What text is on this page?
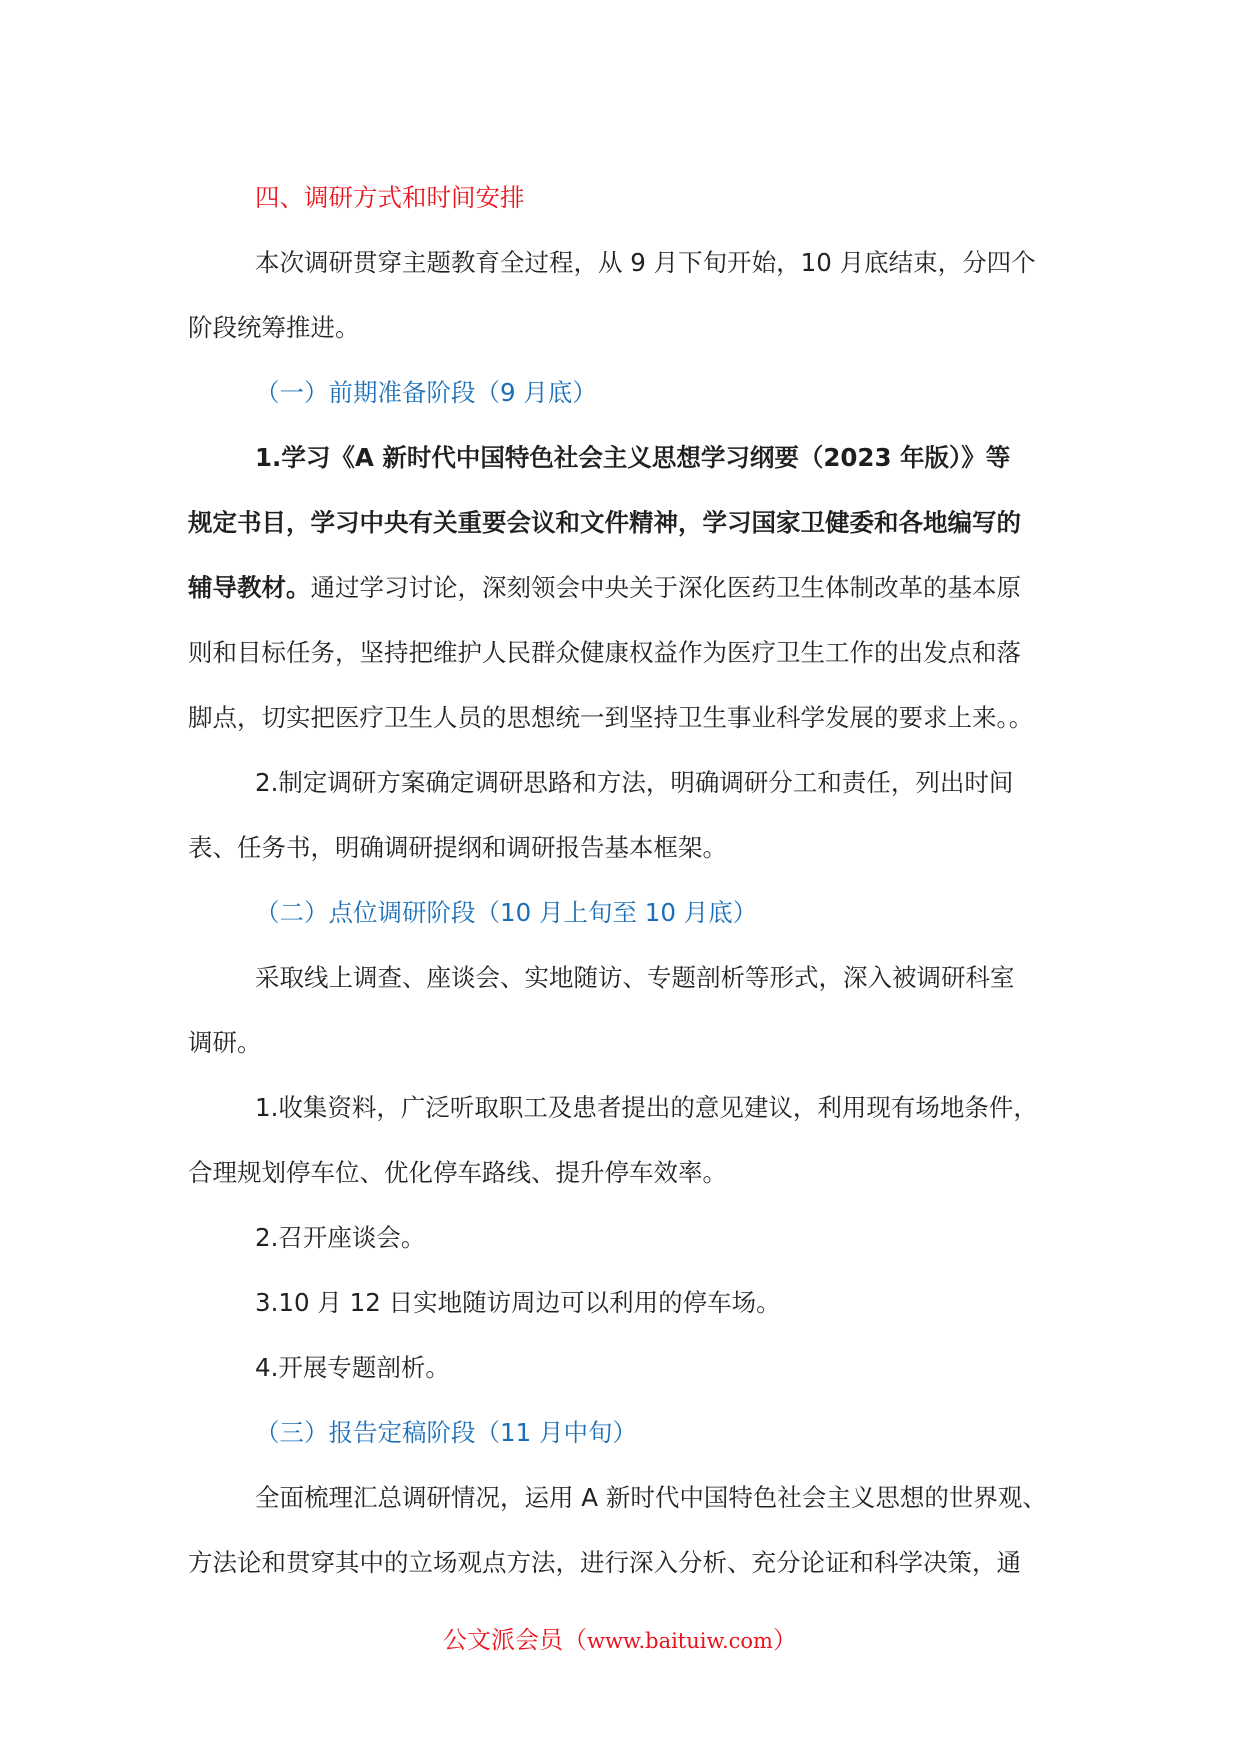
四、调研方式和时间安排

本次调研贯穿主题教育全过程，从 9 月下旬开始，10 月底结束，分四个

阶段统筹推进。

（一）前期准备阶段（9 月底）

1.学习《A 新时代中国特色社会主义思想学习纲要（2023 年版）》等

规定书目，学习中央有关重要会议和文件精神，学习国家卫健委和各地编写的

辅导教材。通过学习讨论，深刻领会中央关于深化医药卫生体制改革的基本原

则和目标任务，坚持把维护人民群众健康权益作为医疗卫生工作的出发点和落

脚点，切实把医疗卫生人员的思想统一到坚持卫生事业科学发展的要求上来。。

2.制定调研方案确定调研思路和方法，明确调研分工和责任，列出时间

表、任务书，明确调研提纲和调研报告基本框架。

（二）点位调研阶段（10 月上旬至 10 月底）

采取线上调查、座谈会、实地随访、专题剖析等形式，深入被调研科室

调研。

1.收集资料，广泛听取职工及患者提出的意见建议，利用现有场地条件，

合理规划停车位、优化停车路线、提升停车效率。

2.召开座谈会。

3.10 月 12 日实地随访周边可以利用的停车场。

4.开展专题剖析。

（三）报告定稿阶段（11 月中旬）

全面梳理汇总调研情况，运用 A 新时代中国特色社会主义思想的世界观、

方法论和贯穿其中的立场观点方法，进行深入分析、充分论证和科学决策，通

公文派会员（www.baituiw.com）
